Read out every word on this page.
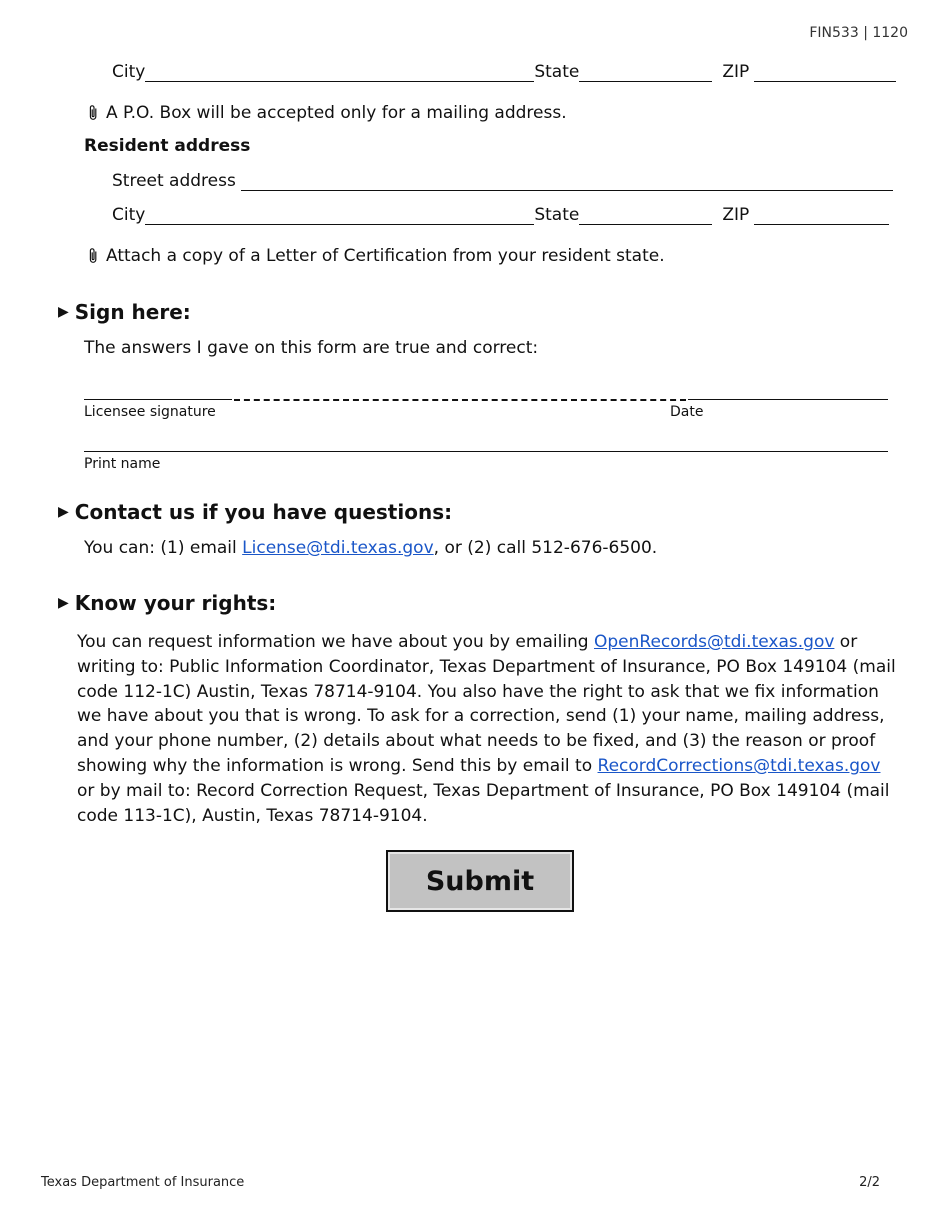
FIN533 | 1120
City	State	ZIP
A P.O. Box will be accepted only for a mailing address.
Resident address
Street address
City	State	ZIP
Attach a copy of a Letter of Certification from your resident state.
▶ Sign here:
The answers I gave on this form are true and correct:
Licensee signature	Date
Print name
▶ Contact us if you have questions:
You can: (1) email License@tdi.texas.gov, or (2) call 512-676-6500.
▶ Know your rights:
You can request information we have about you by emailing OpenRecords@tdi.texas.gov or writing to: Public Information Coordinator, Texas Department of Insurance, PO Box 149104 (mail code 112-1C) Austin, Texas 78714-9104. You also have the right to ask that we fix information we have about you that is wrong. To ask for a correction, send (1) your name, mailing address, and your phone number, (2) details about what needs to be fixed, and (3) the reason or proof showing why the information is wrong. Send this by email to RecordCorrections@tdi.texas.gov or by mail to: Record Correction Request, Texas Department of Insurance, PO Box 149104 (mail code 113-1C), Austin, Texas 78714-9104.
Submit
Texas Department of Insurance	2/2
